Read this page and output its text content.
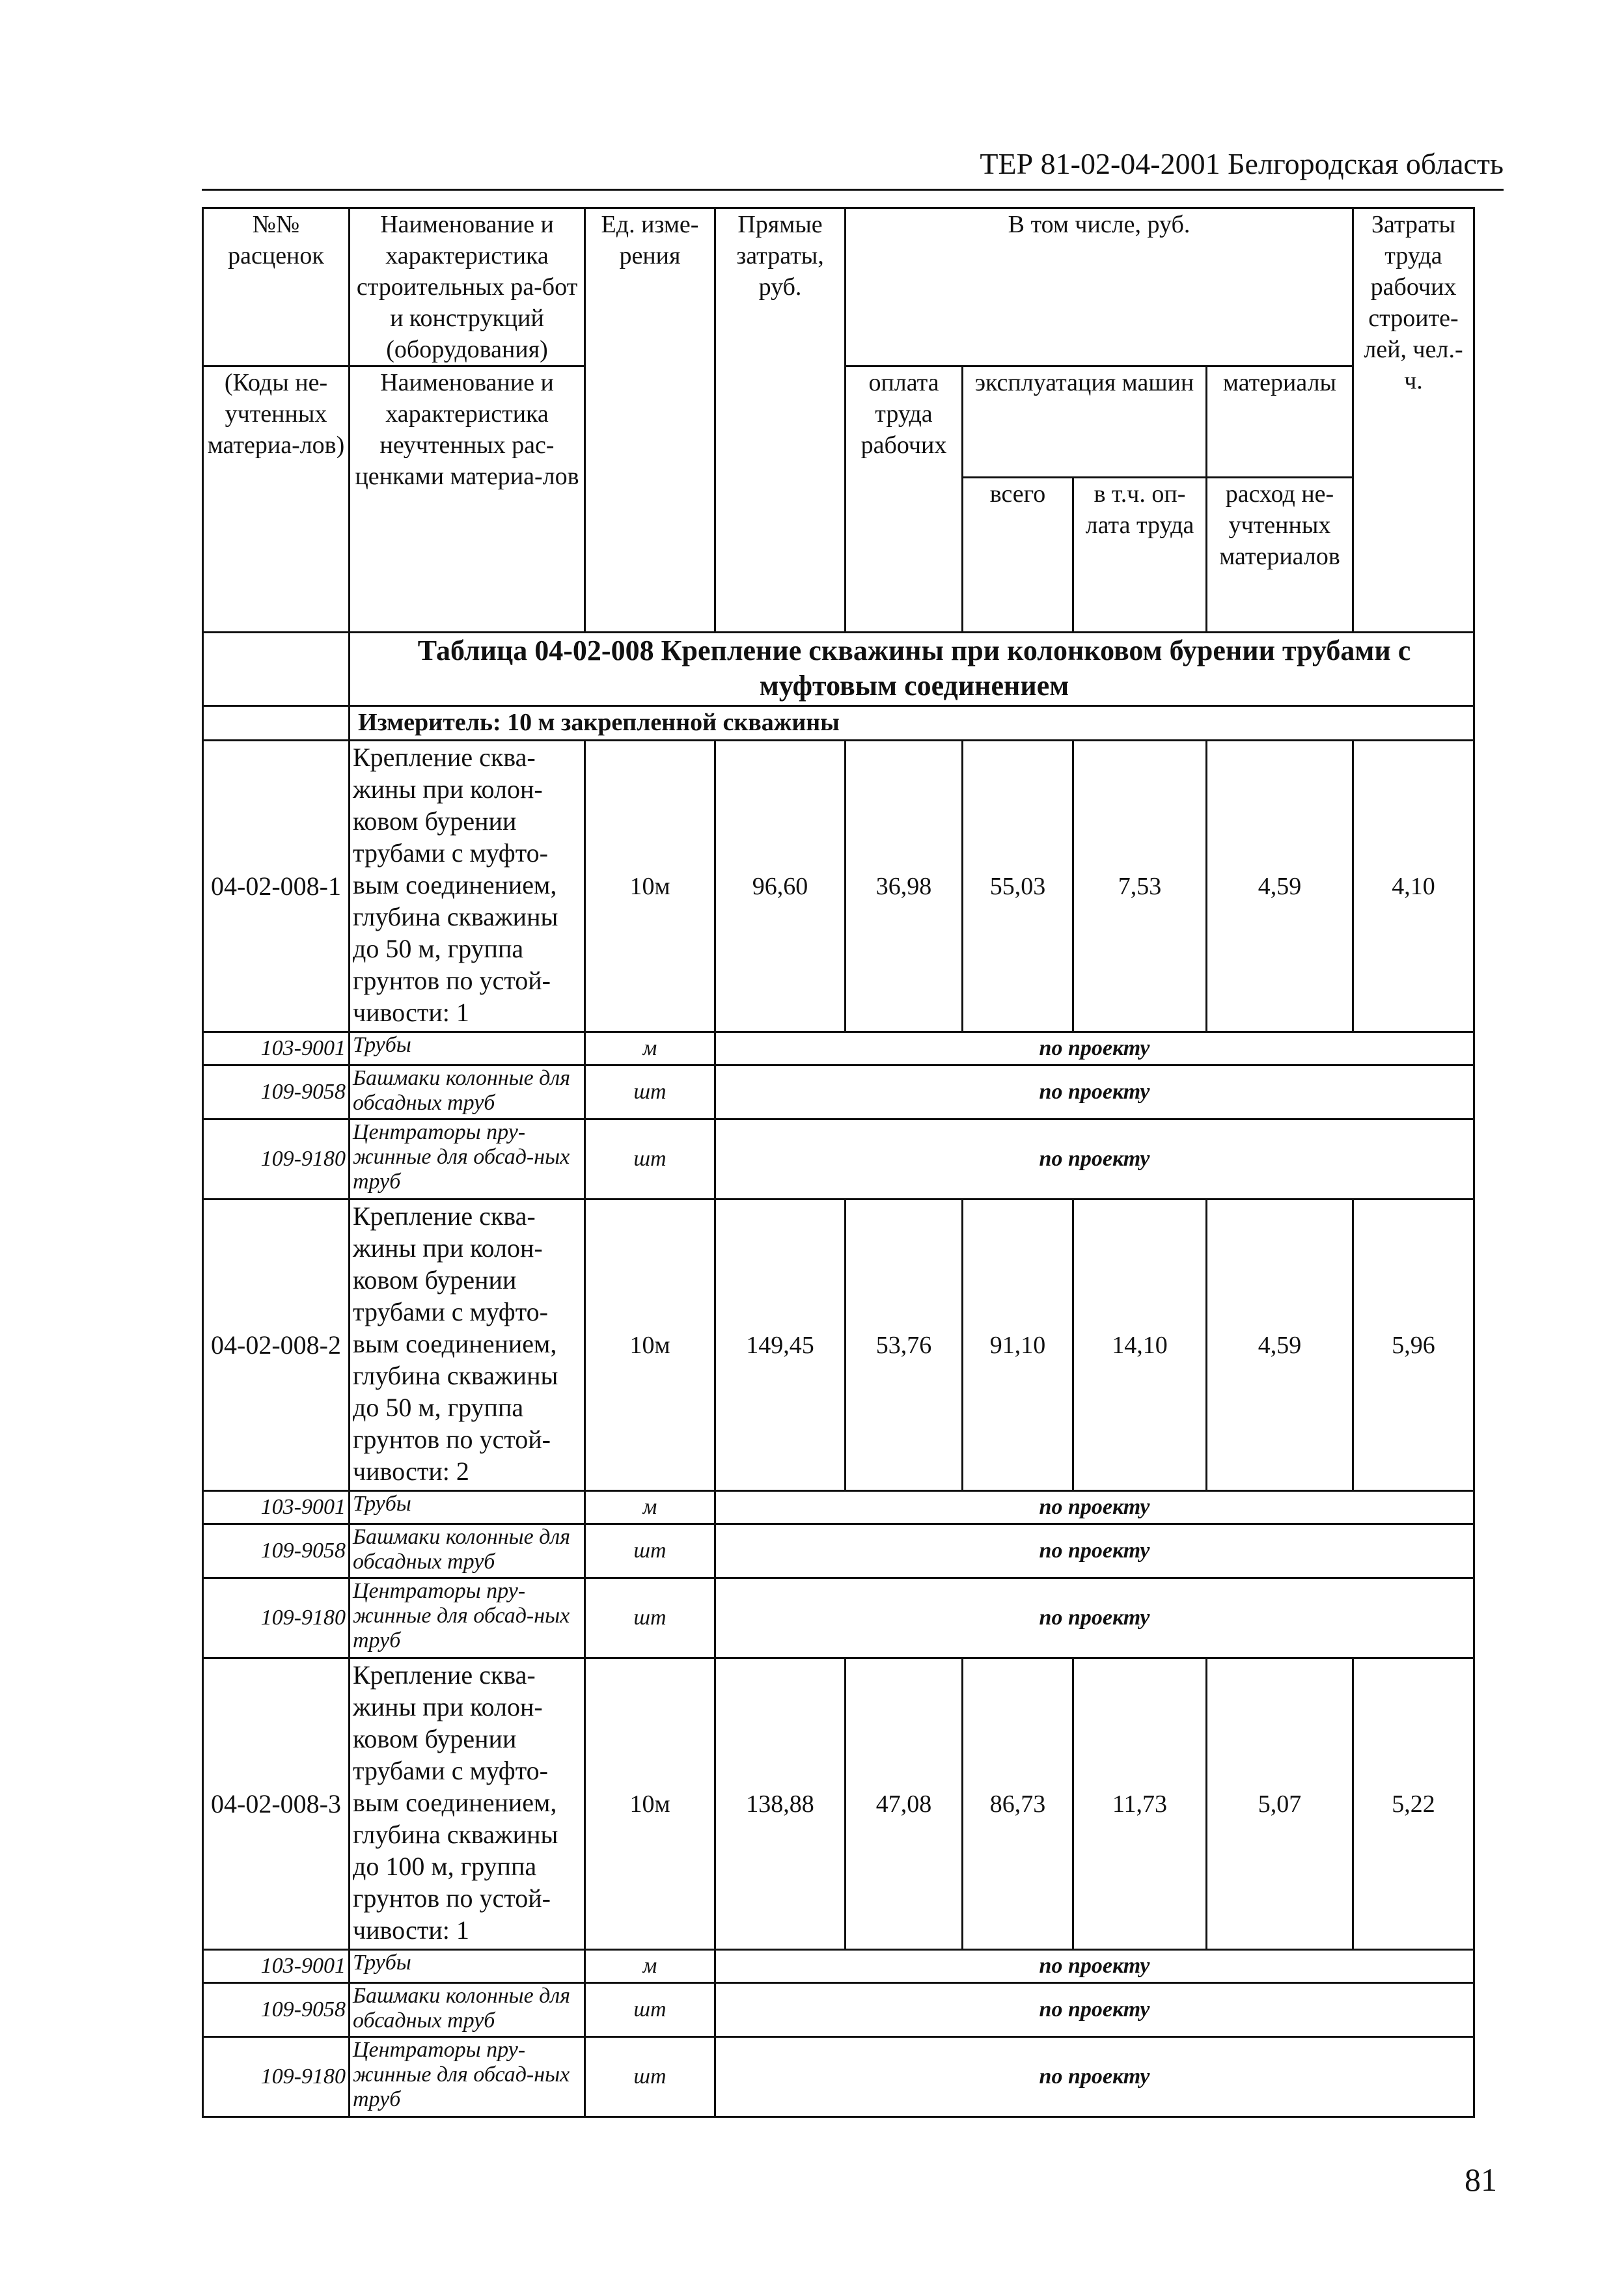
ТЕР 81-02-04-2001 Белгородская область
№№ расценок	Наименование и характеристика строительных ра-бот и конструкций (оборудования)	Ед. изме-рения	Прямые затраты, руб.	В том числе, руб.				Затраты труда рабочих строите-лей, чел.-ч.
(Коды не-учтенных материа-лов)	Наименование и характеристика неучтенных рас-ценками материа-лов			оплата труда рабочих	эксплуатация машин		материалы	
					всего	в т.ч. оп-лата труда	расход не-учтенных материалов	
	Таблица 04-02-008 Крепление скважины при колонковом бурении трубами с муфтовым соединением							
	Измеритель: 10 м закрепленной скважины							
04-02-008-1	Крепление сква-жины при колон-ковом бурении трубами с муфто-вым соединением, глубина скважины до 50 м, группа грунтов по устой-чивости: 1	10м	96,60	36,98	55,03	7,53	4,59	4,10
103-9001	Трубы	м	по проекту					
109-9058	Башмаки колонные для обсадных труб	шт	по проекту					
109-9180	Центраторы пру-жинные для обсад-ных труб	шт	по проекту					
04-02-008-2	Крепление сква-жины при колон-ковом бурении трубами с муфто-вым соединением, глубина скважины до 50 м, группа грунтов по устой-чивости: 2	10м	149,45	53,76	91,10	14,10	4,59	5,96
103-9001	Трубы	м	по проекту					
109-9058	Башмаки колонные для обсадных труб	шт	по проекту					
109-9180	Центраторы пру-жинные для обсад-ных труб	шт	по проекту					
04-02-008-3	Крепление сква-жины при колон-ковом бурении трубами с муфто-вым соединением, глубина скважины до 100 м, группа грунтов по устой-чивости: 1	10м	138,88	47,08	86,73	11,73	5,07	5,22
103-9001	Трубы	м	по проекту					
109-9058	Башмаки колонные для обсадных труб	шт	по проекту					
109-9180	Центраторы пру-жинные для обсад-ных труб	шт	по проекту					
81
